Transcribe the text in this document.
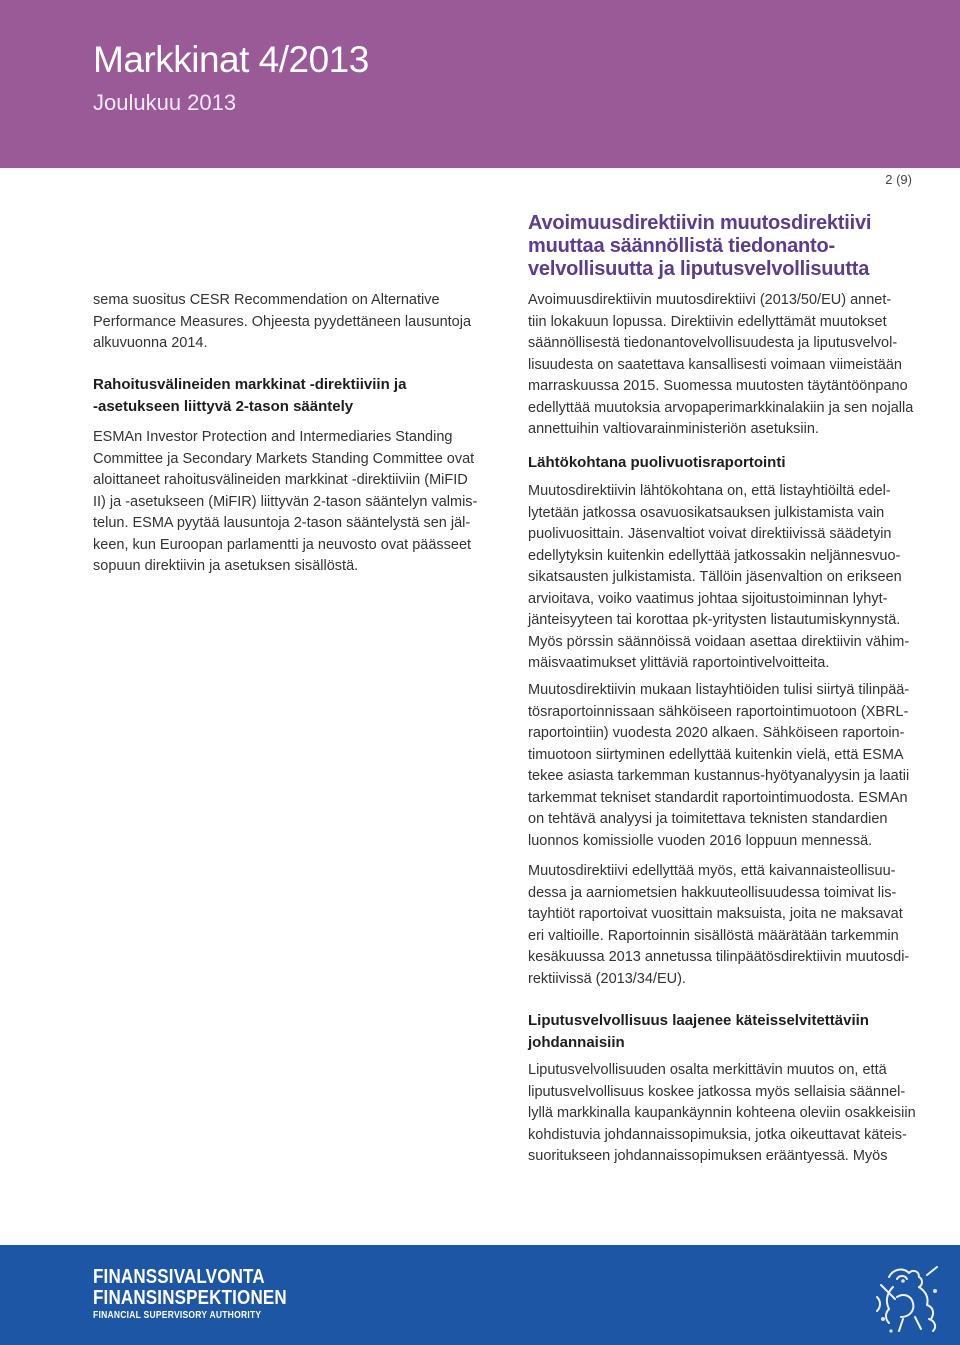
Markkinat 4/2013
Joulukuu 2013
2 (9)

sema suositus CESR Recommendation on Alternative
Performance Measures. Ohjeesta pyydettäneen lausuntoja
alkuvuonna 2014.

Rahoitusvälineiden markkinat -direktiiviin ja
-asetukseen liittyvä 2-tason sääntely

ESMAn Investor Protection and Intermediaries Standing
Committee ja Secondary Markets Standing Committee ovat
aloittaneet rahoitusvälineiden markkinat -direktiiviin (MiFID
II) ja -asetukseen (MiFIR) liittyvän 2-tason sääntelyn valmis-
telun. ESMA pyytää lausuntoja 2-tason sääntelystä sen jäl-
keen, kun Euroopan parlamentti ja neuvosto ovat päässeet
sopuun direktiivin ja asetuksen sisällöstä.

Avoimuusdirektiivin muutosdirektiivi
muuttaa säännöllistä tiedonanto-
velvollisuutta ja liputusvelvollisuutta

Avoimuusdirektiivin muutosdirektiivi (2013/50/EU) annet-
tiin lokakuun lopussa. Direktiivin edellyttämät muutokset
säännöllisestä tiedonantovelvollisuudesta ja liputusvelvol-
lisuudesta on saatettava kansallisesti voimaan viimeistään
marraskuussa 2015. Suomessa muutosten täytäntöönpano
edellyttää muutoksia arvopaperimarkkinalakiin ja sen nojalla
annettuihin valtiovarainministeriön asetuksiin.

Lähtökohtana puolivuotisraportointi

Muutosdirektiivin lähtökohtana on, että listayhtiöiltä edel-
lytetään jatkossa osavuosikatsauksen julkistamista vain
puolivuosittain. Jäsenvaltiot voivat direktiivissä säädetyin
edellytyksin kuitenkin edellyttää jatkossakin neljännesvuo-
sikatsausten julkistamista. Tällöin jäsenvaltion on erikseen
arvioitava, voiko vaatimus johtaa sijoitustoiminnan lyhyt-
jänteisyyteen tai korottaa pk-yritysten listautumiskynnystä.
Myös pörssin säännöissä voidaan asettaa direktiivin vähim-
mäisvaatimukset ylittäviä raportointivelvoitteita.

Muutosdirektiivin mukaan listayhtiöiden tulisi siirtyä tilinpää-
tösraportoinnissaan sähköiseen raportointimuotoon (XBRL-
raportointiin) vuodesta 2020 alkaen. Sähköiseen raportoin-
timuotoon siirtyminen edellyttää kuitenkin vielä, että ESMA
tekee asiasta tarkemman kustannus-hyötyanalyysin ja laatii
tarkemmat tekniset standardit raportointimuodosta. ESMAn
on tehtävä analyysi ja toimitettava teknisten standardien
luonnos komissiolle vuoden 2016 loppuun mennessä.

Muutosdirektiivi edellyttää myös, että kaivannaisteollisuu-
dessa ja aarniometsien hakkuuteollisuudessa toimivat lis-
tayhtiöt raportoivat vuosittain maksuista, joita ne maksavat
eri valtioille. Raportoinnin sisällöstä määrätään tarkemmin
kesäkuussa 2013 annetussa tilinpäätösdirektiivin muutosdi-
rektiivissä (2013/34/EU).

Liputusvelvollisuus laajenee käteisselvitettäviin
johdannaisiin

Liputusvelvollisuuden osalta merkittävin muutos on, että
liputusvelvollisuus koskee jatkossa myös sellaisia säännel-
lyllä markkinalla kaupankäynnin kohteena oleviin osakkeisiin
kohdistuvia johdannaissopimuksia, jotka oikeuttavat käteis-
suoritukseen johdannaissopimuksen erääntyessä. Myös

FINANSSIVALVONTA
FINANSINSPEKTIONEN
FINANCIAL SUPERVISORY AUTHORITY
